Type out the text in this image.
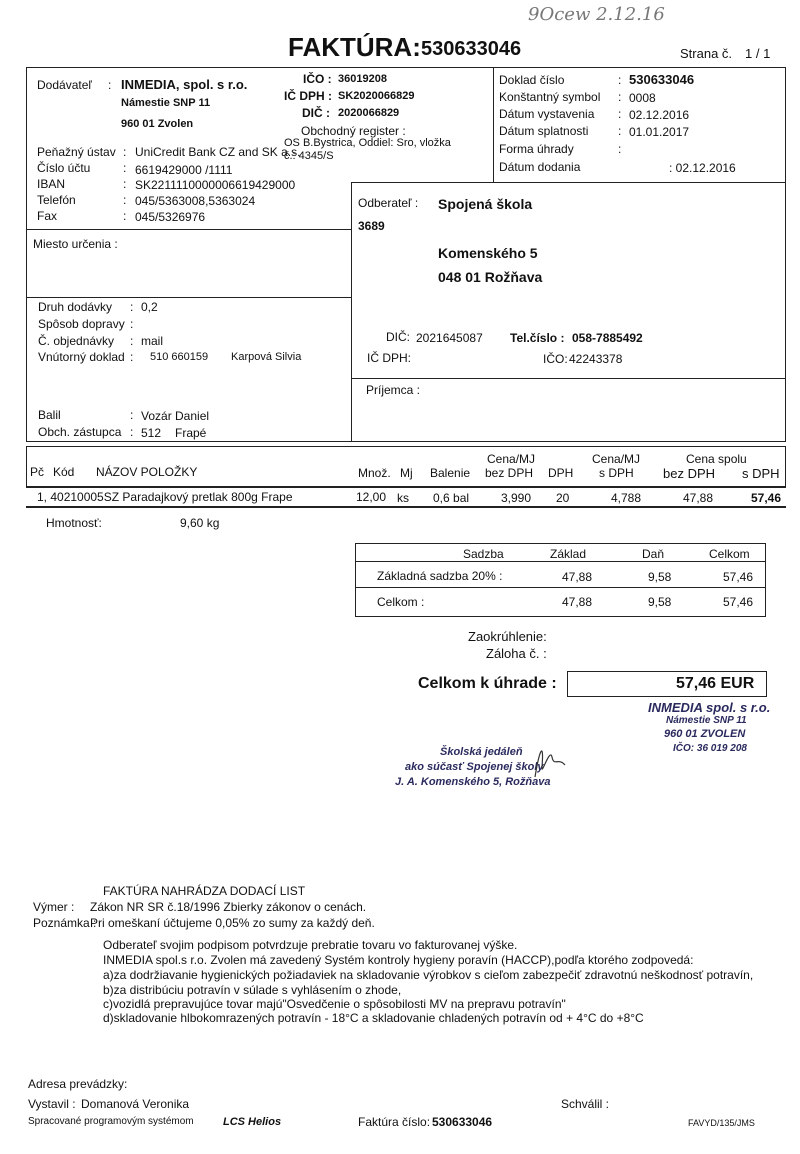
9Ocew 2.12.16
FAKTÚRA: 530633046	Strana č. 1 / 1
Dodávateľ : INMEDIA, spol. s r.o.
Námestie SNP 11
960 01 Zvolen
IČO : 36019208
IČ DPH : SK2020066829
DIČ : 2020066829
Obchodný register :
OS B.Bystrica, Oddiel: Sro, vložka
č.: 4345/S
Peňažný ústav : UniCredit Bank CZ and SK a.s.
Číslo účtu	: 6619429000 /1111
IBAN	: SK2211110000006619429000
Telefón	: 045/5363008,5363024
Fax	: 045/5326976
Doklad číslo	: 530633046
Konštantný symbol : 0008
Dátum vystavenia : 02.12.2016
Dátum splatnosti : 01.01.2017
Forma úhrady	:
Dátum dodania	: 02.12.2016
Odberateľ : Spojená škola
3689
Komenského 5
048 01 Rožňava
DIČ: 2021645087 Tel.číslo : 058-7885492
IČ DPH:	IČO: 42243378
Príjemca :
Miesto určenia :
Druh dodávky : 0,2
Spôsob dopravy :
Č. objednávky : mail
Vnútorný doklad : 510 660159 Karpová Silvia
Balil	: Vozár Daniel
Obch. zástupca : 512 Frapé
Pč Kód NÁZOV POLOŽKY	Množ. Mj Balenie
Cena/MJ
bez DPH DPH
Cena/MJ
s DPH
Cena spolu
bez DPH s DPH
1, 40210005SZ Paradajkový pretlak 800g Frape	12,00 ks 0,6 bal	3,990 20	4,788	47,88	57,46
Hmotnosť:	9,60 kg
Sadzba	Základ	Daň	Celkom
Základná sadzba 20% :	47,88	9,58	57,46
Celkom :	47,88	9,58	57,46
Zaokrúhlenie:
Záloha č. :
Celkom k úhrade :	57,46 EUR
INMEDIA spol. s r.o.
Námestie SNP 11
960 01 ZVOLEN
IČO: 36 019 208
Školská jedáleň
ako súčasť Spojenej školy
J. A. Komenského 5, Rožňava
FAKTÚRA NAHRÁDZA DODACÍ LIST
Výmer : Zákon NR SR č.18/1996 Zbierky zákonov o cenách.
Poznámka :
Pri omeškaní účtujeme 0,05% zo sumy za každý deň.
Odberateľ svojim podpisom potvrdzuje prebratie tovaru vo fakturovanej výške.
INMEDIA spol.s r.o. Zvolen má zavedený Systém kontroly hygieny poravín (HACCP),podľa ktorého zodpovedá:
a)za dodržiavanie hygienických požiadaviek na skladovanie výrobkov s cieľom zabezpečiť zdravotnú neškodnosť potravín,
b)za distribúciu potravín v súlade s vyhlásením o zhode,
c)vozidlá prepravujúce tovar majú"Osvedčenie o spôsobilosti MV na prepravu potravín"
d)skladovanie hlbokomrazených potravín - 18°C a skladovanie chladených potravín od + 4°C do +8°C
Adresa prevádzky:
Vystavil : Domanová Veronika	Schválil :
Spracované programovým systémom	LCS Helios	Faktúra číslo: 530633046	FAVYD/135/JMS
